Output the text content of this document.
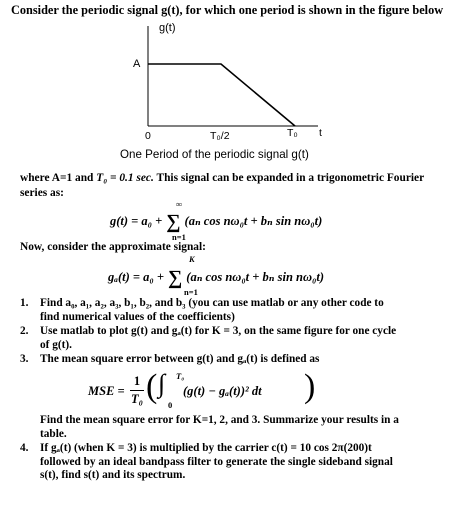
Consider the periodic signal g(t), for which one period is shown in the figure below
g(t)
A
0	T₀/2	T₀ t
One Period of the periodic signal g(t)
where A=1 and T₀ = 0.1 sec. This signal can be expanded in a trigonometric Fourier
series as:
g(t) = a₀ + ∑ (aₙ cos nω₀t + bₙ sin nω₀t)
∞
n=1
Now, consider the approximate signal:
gₐ(t) = a₀ + ∑ (aₙ cos nω₀t + bₙ sin nω₀t)
K
n=1
1. Find a₀, a₁, a₂, a₃, b₁, b₂, and b₃ (you can use matlab or any other code to
find numerical values of the coefficients)
2. Use matlab to plot g(t) and gₐ(t) for K = 3, on the same figure for one cycle
of g(t).
3. The mean square error between g(t) and gₐ(t) is defined as
MSE =
1
T₀ ( ∫ T₀
0
(g(t) − gₐ(t))² dt )
Find the mean square error for K=1, 2, and 3. Summarize your results in a
table.
4. If gₐ(t) (when K = 3) is multiplied by the carrier c(t) = 10 cos 2π(200)t
followed by an ideal bandpass filter to generate the single sideband signal
s(t), find s(t) and its spectrum.
